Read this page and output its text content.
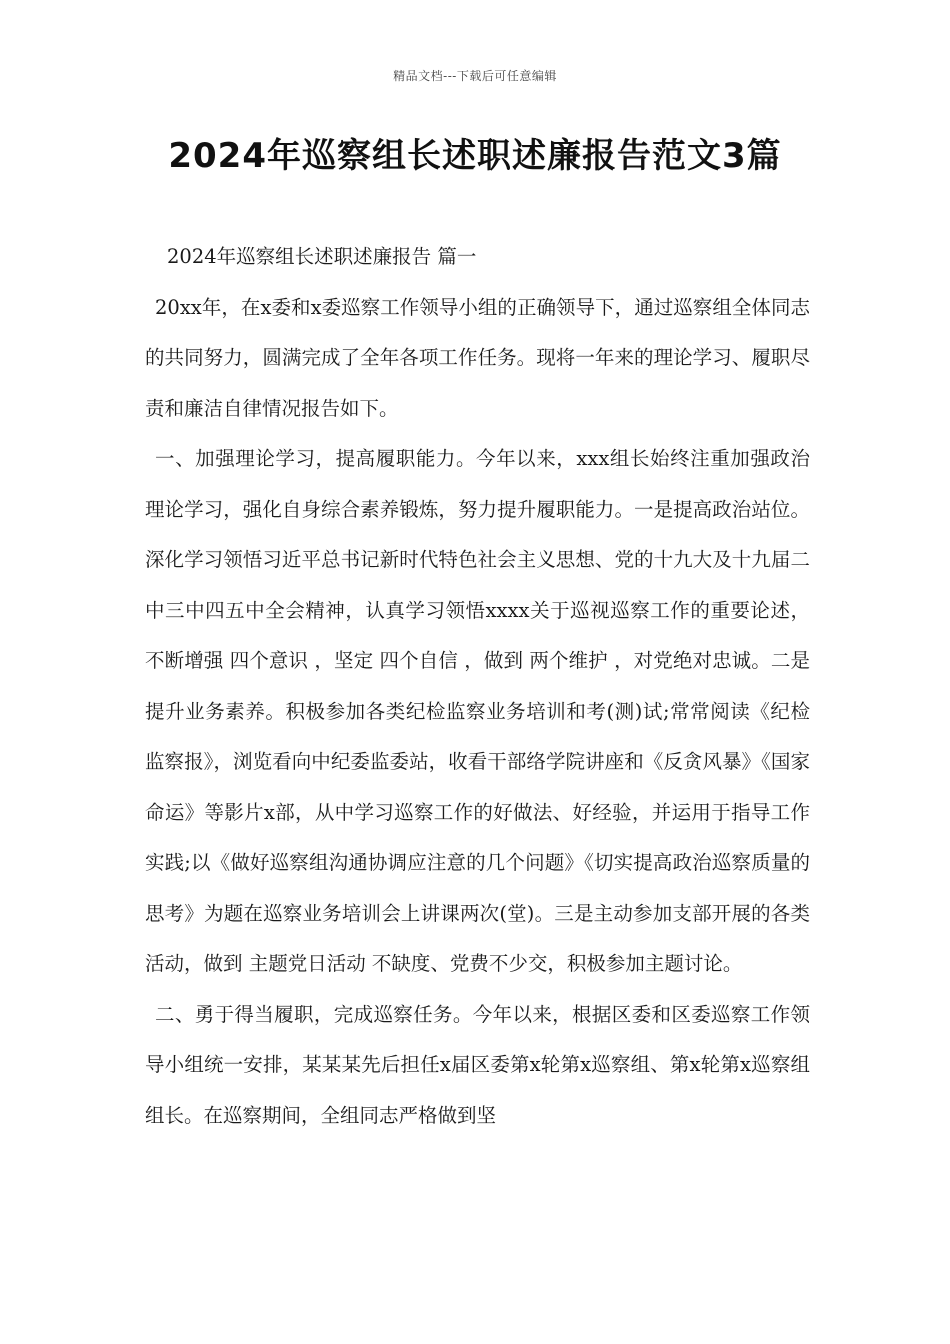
精品文档---下载后可任意编辑
2024年巡察组长述职述廉报告范文3篇

2024年巡察组长述职述廉报告 篇一

20xx年，在x委和x委巡察工作领导小组的正确领导下，通过巡察组全体同志的共同努力，圆满完成了全年各项工作任务。现将一年来的理论学习、履职尽责和廉洁自律情况报告如下。

一、加强理论学习，提高履职能力。今年以来，xxx组长始终注重加强政治理论学习，强化自身综合素养锻炼，努力提升履职能力。一是提高政治站位。深化学习领悟习近平总书记新时代特色社会主义思想、党的十九大及十九届二中三中四五中全会精神，认真学习领悟xxxx关于巡视巡察工作的重要论述，不断增强 四个意识 ，坚定 四个自信 ，做到 两个维护 ，对党绝对忠诚。二是提升业务素养。积极参加各类纪检监察业务培训和考(测)试;常常阅读《纪检监察报》，浏览看向中纪委监委站，收看干部络学院讲座和《反贪风暴》《国家命运》等影片x部，从中学习巡察工作的好做法、好经验，并运用于指导工作实践;以《做好巡察组沟通协调应注意的几个问题》《切实提高政治巡察质量的思考》为题在巡察业务培训会上讲课两次(堂)。三是主动参加支部开展的各类活动，做到 主题党日活动 不缺度、党费不少交，积极参加主题讨论。

二、勇于得当履职，完成巡察任务。今年以来，根据区委和区委巡察工作领导小组统一安排，某某某先后担任x届区委第x轮第x巡察组、第x轮第x巡察组组长。在巡察期间，全组同志严格做到坚
